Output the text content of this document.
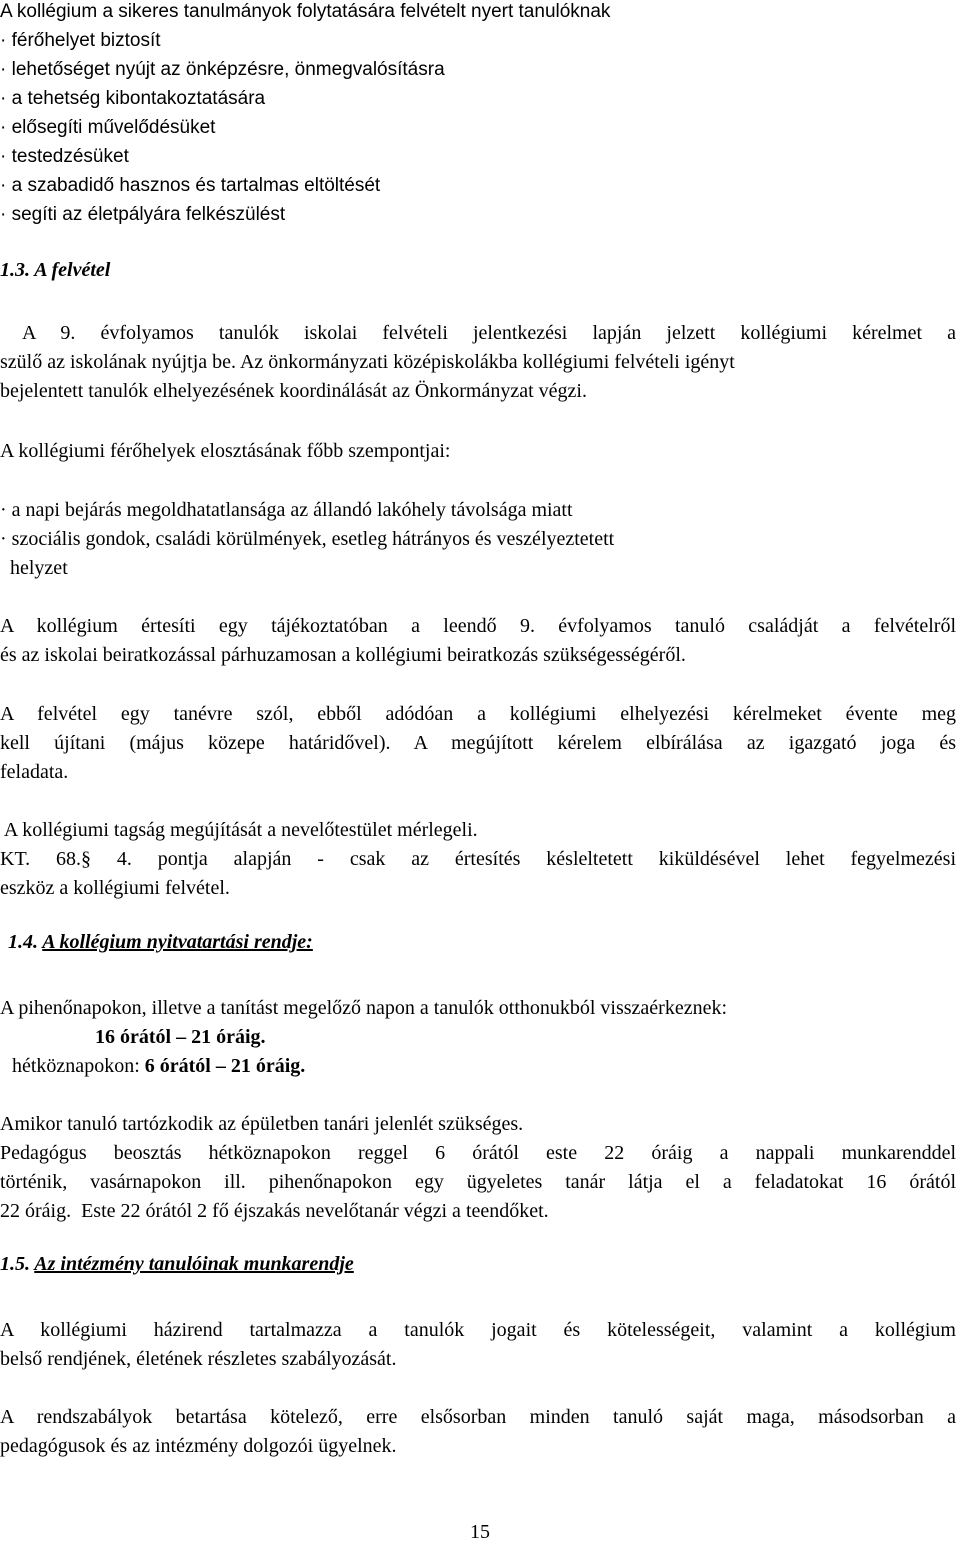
A kollégium a sikeres tanulmányok folytatására felvételt nyert tanulóknak
· férőhelyet biztosít
· lehetőséget nyújt az önképzésre, önmegvalósításra
· a tehetség kibontakoztatására
· elősegíti művelődésüket
· testedzésüket
· a szabadidő hasznos és tartalmas eltöltését
· segíti az életpályára felkészülést
1.3. A felvétel
A 9. évfolyamos tanulók iskolai felvételi jelentkezési lapján jelzett kollégiumi kérelmet a
szülő az iskolának nyújtja be. Az önkormányzati középiskolákba kollégiumi felvételi igényt
bejelentett tanulók elhelyezésének koordinálását az Önkormányzat végzi.
A kollégiumi férőhelyek elosztásának főbb szempontjai:
· a napi bejárás megoldhatatlansága az állandó lakóhely távolsága miatt
· szociális gondok, családi körülmények, esetleg hátrányos és veszélyeztetett
helyzet
A kollégium értesíti egy tájékoztatóban a leendő 9. évfolyamos tanuló családját a felvételről
és az iskolai beiratkozással párhuzamosan a kollégiumi beiratkozás szükségességéről.
A felvétel egy tanévre szól, ebből adódóan a kollégiumi elhelyezési kérelmeket évente meg
kell újítani (május közepe határidővel). A megújított kérelem elbírálása az igazgató joga és
feladata.
A kollégiumi tagság megújítását a nevelőtestület mérlegeli.
KT. 68.§ 4. pontja alapján - csak az értesítés késleltetett kiküldésével lehet fegyelmezési
eszköz a kollégiumi felvétel.
1.4. A kollégium nyitvatartási rendje:
A pihenőnapokon, illetve a tanítást megelőző napon a tanulók otthonukból visszaérkeznek:
16 órától – 21 óráig.
hétköznapokon: 6 órától – 21 óráig.
Amikor tanuló tartózkodik az épületben tanári jelenlét szükséges.
Pedagógus beosztás hétköznapokon reggel 6 órától este 22 óráig a nappali munkarenddel
történik, vasárnapokon ill. pihenőnapokon egy ügyeletes tanár látja el a feladatokat 16 órától
22 óráig.  Este 22 órától 2 fő éjszakás nevelőtanár végzi a teendőket.
1.5. Az intézmény tanulóinak munkarendje
A kollégiumi házirend tartalmazza a tanulók jogait és kötelességeit, valamint a kollégium
belső rendjének, életének részletes szabályozását.
A rendszabályok betartása kötelező, erre elsősorban minden tanuló saját maga, másodsorban a
pedagógusok és az intézmény dolgozói ügyelnek.
15
